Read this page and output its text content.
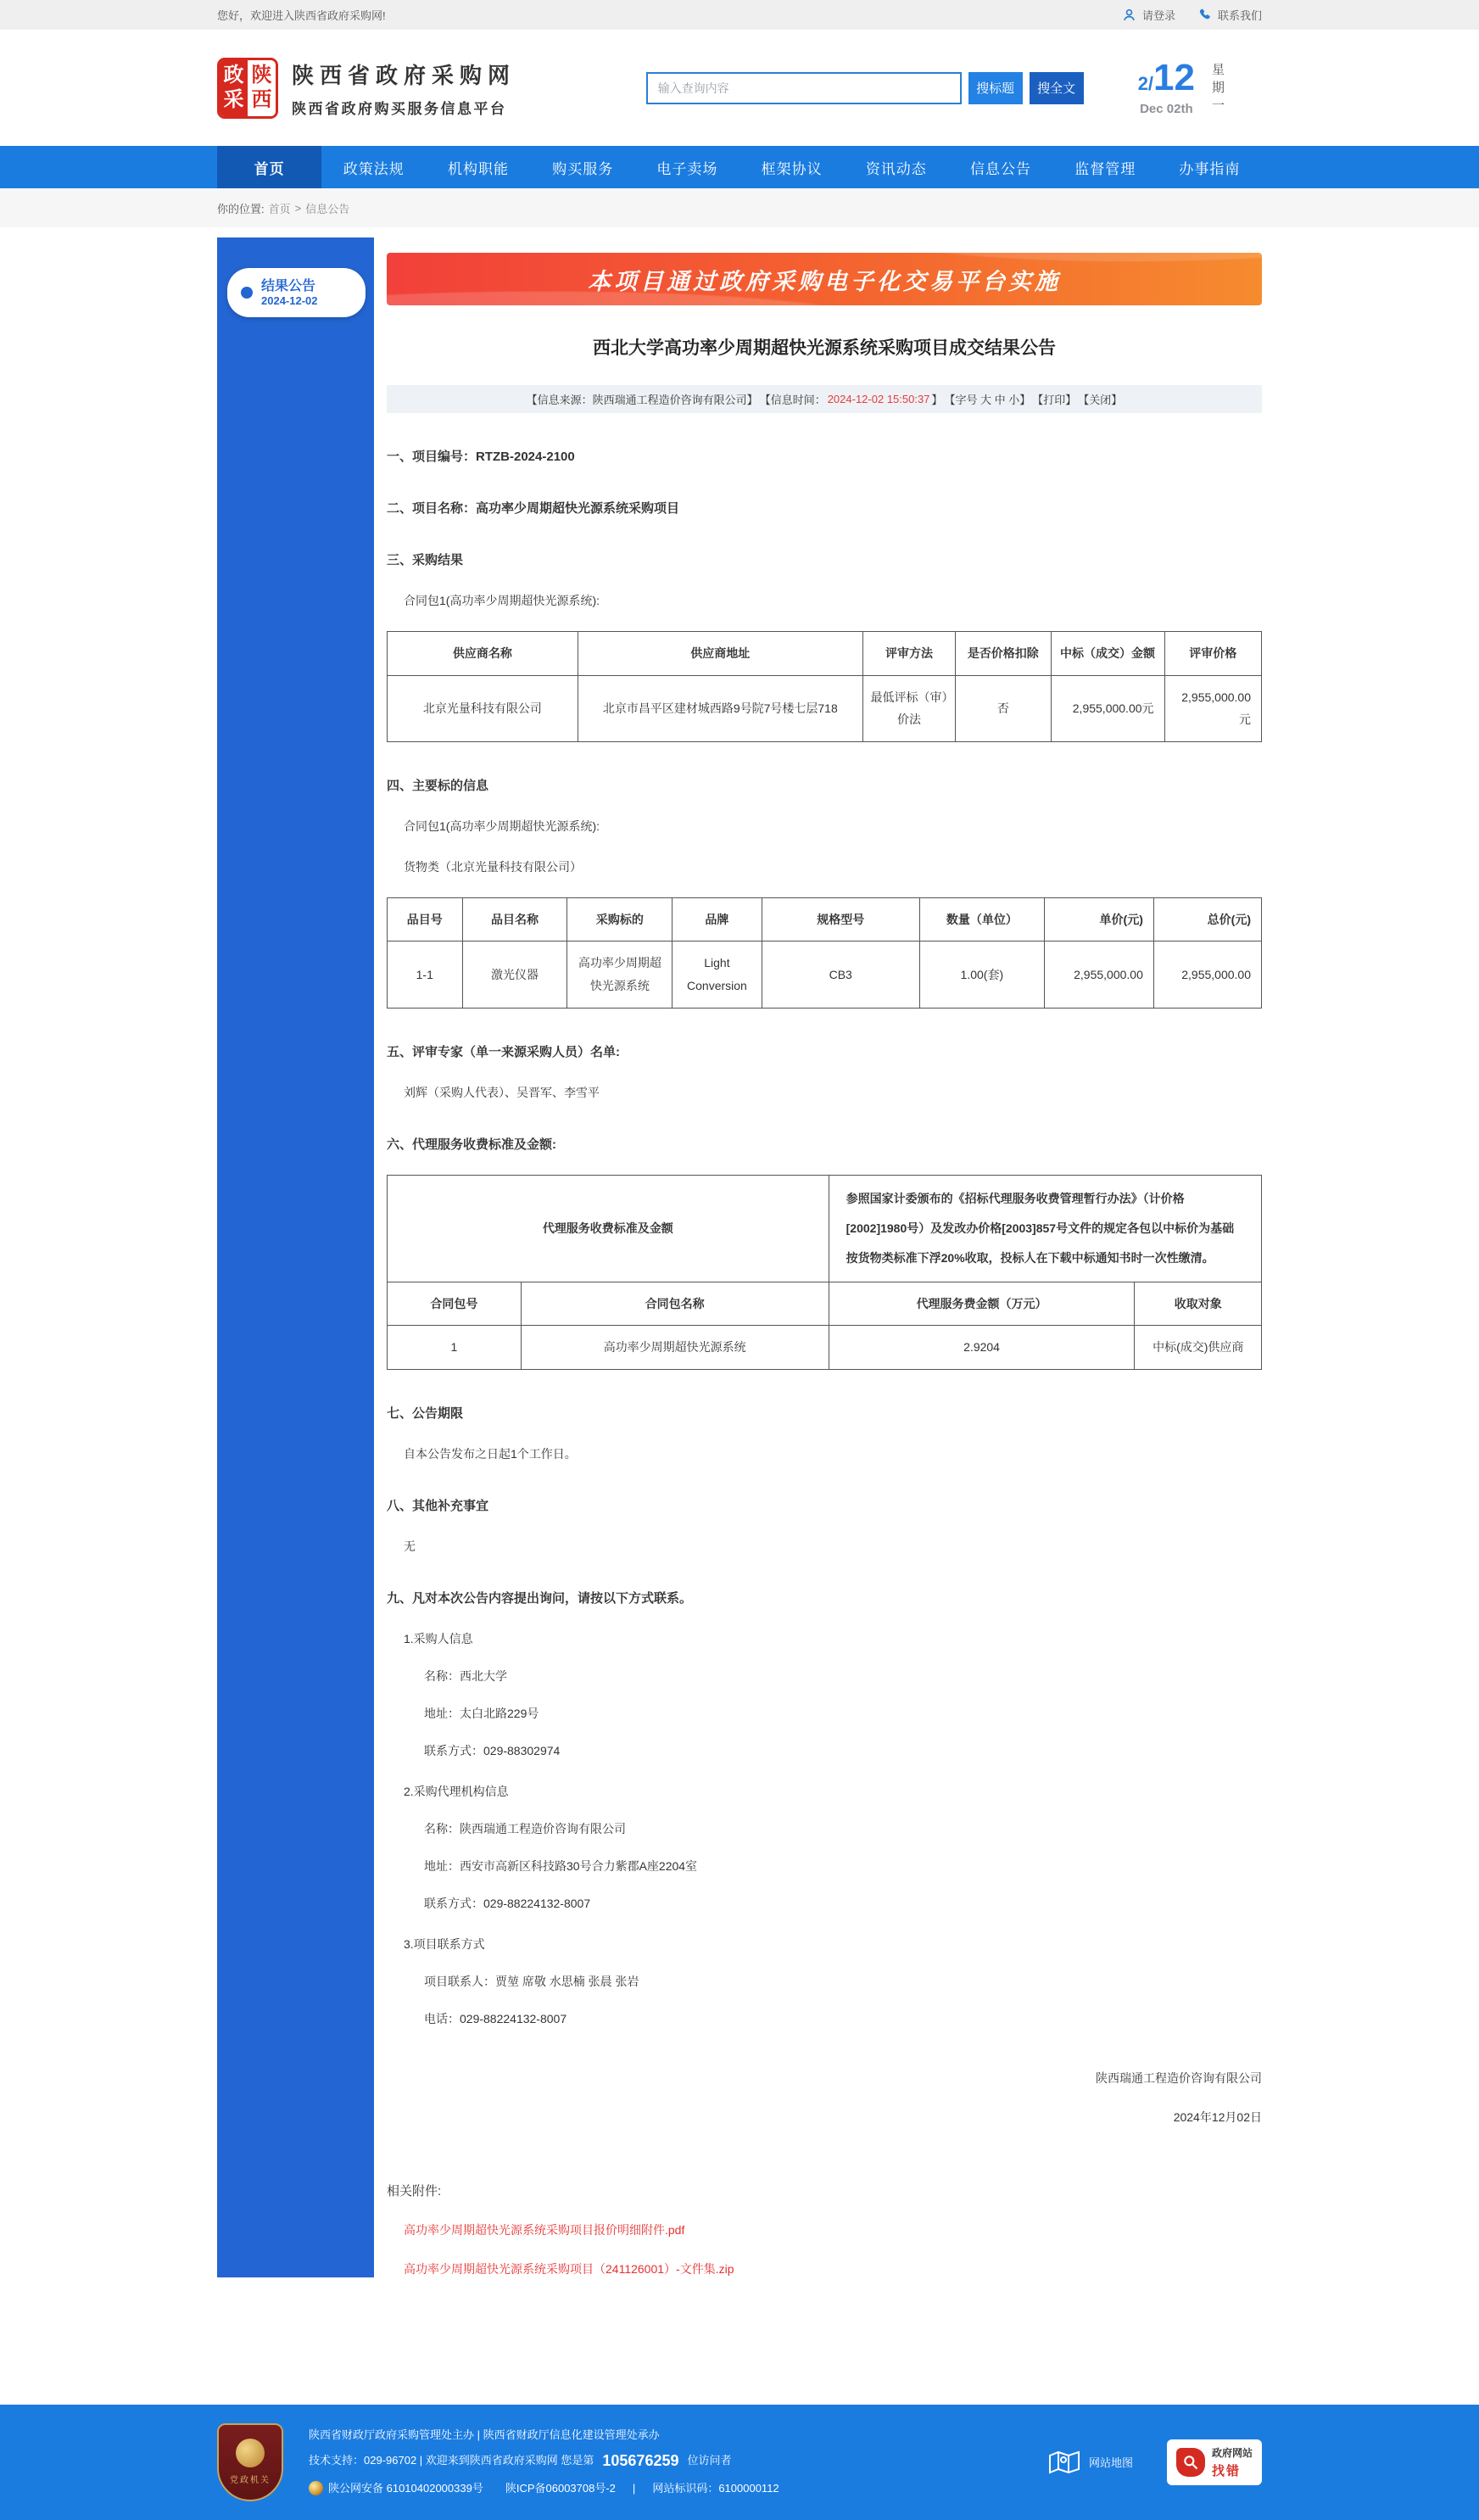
您好，欢迎进入陕西省政府采购网!	请登录	联系我们
政
采
陕
西
陕西省政府采购网
陕西省政府购买服务信息平台
输入查询内容
搜标题	搜全文	2/12
Dec 02th 星期一
首页	政策法规	机构职能	购买服务	电子卖场	框架协议	资讯动态	信息公告	监督管理	办事指南
你的位置: 首页 > 信息公告
结果公告
2024-12-02
本项目通过政府采购电子化交易平台实施
西北大学高功率少周期超快光源系统采购项目成交结果公告
【信息来源：陕西瑞通工程造价咨询有限公司】 【信息时间： 2024-12-02 15:50:37 】 【字号 大 中 小】 【打印】 【关闭】
一、项目编号：RTZB-2024-2100
二、项目名称：高功率少周期超快光源系统采购项目
三、采购结果
合同包1(高功率少周期超快光源系统):
供应商名称	供应商地址	评审方法	是否价格扣除	中标（成交）金额	评审价格
北京光量科技有限公司	北京市昌平区建材城西路9号院7号楼七层718	最低评标（审）价法	否	2,955,000.00元	2,955,000.00元
四、主要标的信息
合同包1(高功率少周期超快光源系统):
货物类（北京光量科技有限公司）
品目号	品目名称	采购标的	品牌	规格型号	数量（单位）	单价(元)	总价(元)
1-1	激光仪器	高功率少周期超快光源系统	Light Conversion	CB3	1.00(套)	2,955,000.00	2,955,000.00
五、评审专家（单一来源采购人员）名单:
刘辉（采购人代表）、吴晋军、李雪平
六、代理服务收费标准及金额:
代理服务收费标准及金额		参照国家计委颁布的《招标代理服务收费管理暂行办法》（计价格[2002]1980号）及发改办价格[2003]857号文件的规定各包以中标价为基础按货物类标准下浮20%收取，投标人在下载中标通知书时一次性缴清。	
合同包号	合同包名称	代理服务费金额（万元）	收取对象
1	高功率少周期超快光源系统	2.9204	中标(成交)供应商
七、公告期限
自本公告发布之日起1个工作日。
八、其他补充事宜
无
九、凡对本次公告内容提出询问，请按以下方式联系。
1.采购人信息
名称：西北大学
地址：太白北路229号
联系方式：029-88302974
2.采购代理机构信息
名称：陕西瑞通工程造价咨询有限公司
地址：西安市高新区科技路30号合力紫郡A座2204室
联系方式：029-88224132-8007
3.项目联系方式
项目联系人：贾堃 席敬 水思楠 张晨 张岩
电话：029-88224132-8007
陕西瑞通工程造价咨询有限公司
2024年12月02日
相关附件:
高功率少周期超快光源系统采购项目报价明细附件.pdf
高功率少周期超快光源系统采购项目（241126001）-文件集.zip
党政机关
陕西省财政厅政府采购管理处主办 | 陕西省财政厅信息化建设管理处承办
技术支持：029-96702 | 欢迎来到陕西省政府采购网 您是第 105676259 位访问者
陕公网安备 61010402000339号 陕ICP备06003708号-2 | 网站标识码：6100000112
网站地图
政府网站
找错
